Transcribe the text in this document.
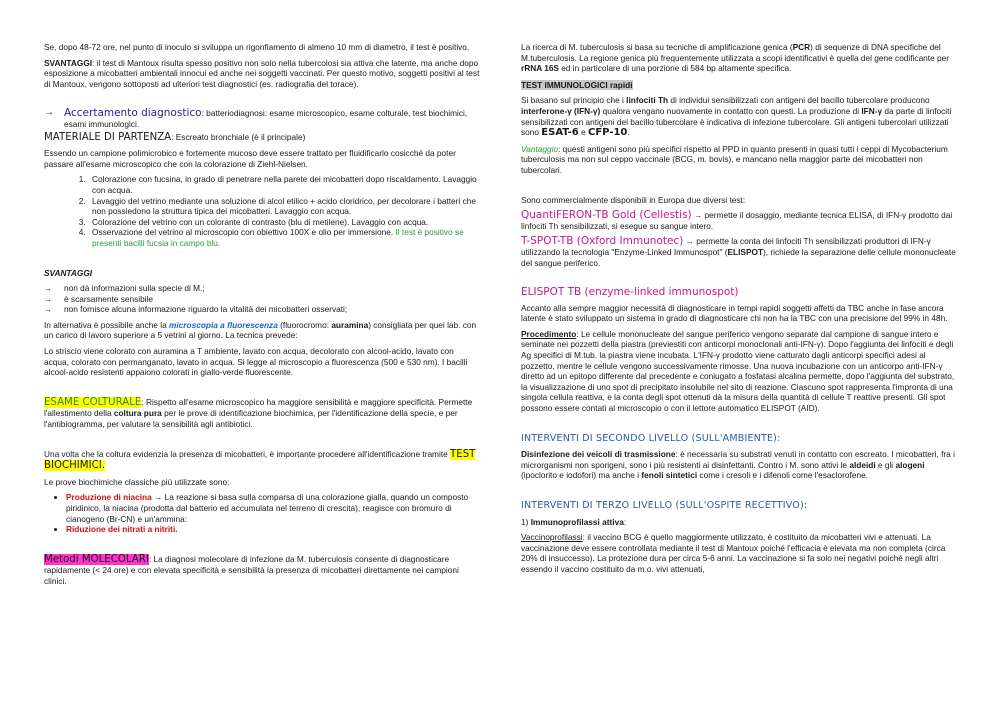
Se, dopo 48-72 ore, nel punto di inoculo si sviluppa un rigonfiamento di almeno 10 mm di diametro, il test è positivo.

SVANTAGGI: il test di Mantoux risulta spesso positivo non solo nella tubercolosi sia attiva che latente, ma anche dopo esposizione a micobatteri ambientali innocui ed anche nei soggetti vaccinati. Per questo motivo, soggetti positivi al test di Mantoux, vengono sottoposti ad ulteriori test diagnostici (es. radiografia del torace).

→ Accertamento diagnostico: batteriodiagnosi: esame microscopico, esame colturale, test biochimici, esami immunologici.

MATERIALE DI PARTENZA: Escreato bronchiale (è il principale)

Essendo un campione polimicrobico e fortemente mucoso deve essere trattato per fluidificarlo cosicché da poter passare all'esame microscopico che con la colorazione di Ziehl-Nielsen.

1. Colorazione con fucsina, in grado di penetrare nella parete dei micobatteri dopo riscaldamento. Lavaggio con acqua.
2. Lavaggio del vetrino mediante una soluzione di alcol etilico + acido cloridrico, per decolorare i batteri che non possiedono la struttura tipica dei micobatteri. Lavaggio con acqua.
3. Colorazione del vetrino con un colorante di contrasto (blu di metilene). Lavaggio con acqua.
4. Osservazione del vetrino al microscopio con obiettivo 100X e olio per immersione. Il test è positivo se presenti bacilli fucsia in campo blu.

SVANTAGGI

→	non dà informazioni sulla specie di M.;
→	è scarsamente sensibile
→	non fornisce alcuna informazione riguardo la vitalità dei micobatteri osservati;

In alternativa è possibile anche la microscopia a fluorescenza (fluorocromo: auramina) consigliata per quei lab. con un carico di lavoro superiore a 5 vetrini al giorno. La tecnica prevede:

Lo striscio viene colorato con auramina a T ambiente, lavato con acqua, decolorato con alcool-acido, lavato con acqua, colorato con permanganato, lavato in acqua. Si legge al microscopio a fluorescenza (500 e 530 nm). I bacilli alcool-acido resistenti appaiono colorati in giallo-verde fluorescente.

ESAME COLTURALE: Rispetto all'esame microscopico ha maggiore sensibilità e maggiore specificità. Permette l'allestimento della coltura pura per le prove di identificazione biochimica, per l'identificazione della specie, e per l'antibiogramma, per valutare la sensibilità agli antibiotici.

Una volta che la coltura evidenzia la presenza di micobatteri, è importante procedere all'identificazione tramite TEST BIOCHIMICI.

Le prove biochimiche classiche più utilizzate sono:

• Produzione di niacina → La reazione si basa sulla comparsa di una colorazione gialla, quando un composto piridinico, la niacina (prodotta dal batterio ed accumulata nel terreno di crescita), reagisce con bromuro di cianogeno (Br-CN) e un'ammina:
• Riduzione dei nitrati a nitriti.

Metodi MOLECOLARI: La diagnosi molecolare di infezione da M. tuberculosis consente di diagnosticare rapidamente (< 24 ore) e con elevata specificità e sensibilità la presenza di micobatteri direttamente nei campioni clinici.

La ricerca di M. tuberculosis si basa su tecniche di amplificazione genica (PCR) di sequenze di DNA specifiche del M.tuberculosis. La regione genica più frequentemente utilizzata a scopi identificativi è quella del gene codificante per rRNA 16S ed in particolare di una porzione di 584 bp altamente specifica.

TEST IMMUNOLOGICI rapidi

Si basano sul principio che i linfociti Th di individui sensibilizzati con antigeni del bacillo tubercolare producono interferone-γ (IFN-γ) qualora vengano nuovamente in contatto con questi. La produzione di IFN-γ da parte di linfociti sensibilizzati con antigeni del bacillo tubercolare è indicativa di infezione tubercolare. Gli antigeni tubercolari utilizzati sono ESAT-6 e CFP-10.

Vantaggio: questi antigeni sono più specifici rispetto al PPD in quanto presenti in quasi tutti i ceppi di Mycobacterium tuberculosis ma non sul ceppo vaccinale (BCG, m. bovis), e mancano nella maggior parte dei micobatteri non tubercolari.

Sono commercialmente disponibili in Europa due diversi test:

QuantiFERON-TB Gold (Cellestis) → permette il dosaggio, mediante tecnica ELISA, di IFN-γ prodotto dai linfociti Th sensibilizzati, si esegue su sangue intero.

T-SPOT-TB (Oxford Immunotec) → permette la conta dei linfociti Th sensibilizzati produttori di IFN-γ utilizzando la tecnologia "Enzyme-Linked Immunospot" (ELISPOT), richiede la separazione delle cellule mononucleate del sangue periferico.

ELISPOT TB (enzyme-linked immunospot)

Accanto alla sempre maggior necessità di diagnosticare in tempi rapidi soggetti affetti da TBC anche in fase ancora latente è stato sviluppato un sistema in grado di diagnosticare chi non ha la TBC con una precisione del 99% in 48h.

Procedimento: Le cellule mononucleate del sangue periferico vengono separate dal campione di sangue intero e seminate nei pozzetti della piastra (previestiti con anticorpi monoclonali anti-IFN-γ). Dopo l'aggiunta dei linfociti e degli Ag specifici di M.tub. la piastra viene incubata. L'IFN-γ prodotto viene catturato dagli anticorpi specifici adesi al pozzetto, mentre le cellule vengono successivamente rimosse. Una nuova incubazione con un anticorpo anti-IFN-γ diretto ad un epitopo differente dal precedente e coniugato a fosfatasi alcalina permette, dopo l'aggiunta del substrato, la visualizzazione di uno spot di precipitato insolubile nel sito di reazione. Ciascuno spot rappresenta l'impronta di una singola cellula reattiva, e la conta degli spot ottenuti dà la misura della quantità di cellule T reattive presenti. Gli spot possono essere contati al microscopio o con il lettore automatico ELISPOT (AID).

INTERVENTI DI SECONDO LIVELLO (SULL'AMBIENTE):

Disinfezione dei veicoli di trasmissione: è necessaria su substrati venuti in contatto con escreato. I micobatteri, fra i microrganismi non sporigeni, sono i più resistenti ai disinfettanti. Contro i M. sono attivi le aldeidi e gli alogeni (ipoclorito e iodofori) ma anche i fenoli sintetici come i cresoli e i difenoli come l'esaclorofene.

INTERVENTI DI TERZO LIVELLO (SULL'OSPITE RECETTIVO):

1) Immunoprofilassi attiva:

Vaccinoprofilassi: il vaccino BCG è quello maggiormente utilizzato, è costituito da micobatteri vivi e attenuati. La vaccinazione deve essere controllata mediante il test di Mantoux poiché l'efficacia è elevata ma non completa (circa 20% di insuccesso). La protezione dura per circa 5-6 anni. La vaccinazione si fa solo nei negativi poiché negli altri essendo il vaccino costituito da m.o. vivi attenuati,
